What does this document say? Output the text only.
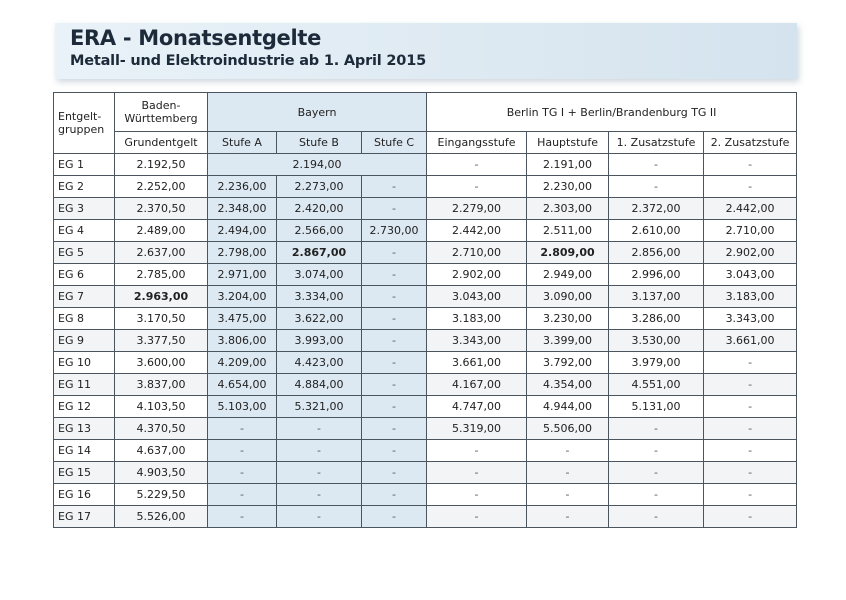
ERA - Monatsentgelte
Metall- und Elektroindustrie ab 1. April 2015
Entgelt-
gruppen	Baden-
Württemberg	Bayern			Berlin TG I + Berlin/Brandenburg TG II			
	Grundentgelt	Stufe A	Stufe B	Stufe C	Eingangsstufe	Hauptstufe	1. Zusatzstufe	2. Zusatzstufe
EG 1	2.192,50	2.194,00			-	2.191,00	-	-
EG 2	2.252,00	2.236,00	2.273,00	-	-	2.230,00	-	-
EG 3	2.370,50	2.348,00	2.420,00	-	2.279,00	2.303,00	2.372,00	2.442,00
EG 4	2.489,00	2.494,00	2.566,00	2.730,00	2.442,00	2.511,00	2.610,00	2.710,00
EG 5	2.637,00	2.798,00	2.867,00	-	2.710,00	2.809,00	2.856,00	2.902,00
EG 6	2.785,00	2.971,00	3.074,00	-	2.902,00	2.949,00	2.996,00	3.043,00
EG 7	2.963,00	3.204,00	3.334,00	-	3.043,00	3.090,00	3.137,00	3.183,00
EG 8	3.170,50	3.475,00	3.622,00	-	3.183,00	3.230,00	3.286,00	3.343,00
EG 9	3.377,50	3.806,00	3.993,00	-	3.343,00	3.399,00	3.530,00	3.661,00
EG 10	3.600,00	4.209,00	4.423,00	-	3.661,00	3.792,00	3.979,00	-
EG 11	3.837,00	4.654,00	4.884,00	-	4.167,00	4.354,00	4.551,00	-
EG 12	4.103,50	5.103,00	5.321,00	-	4.747,00	4.944,00	5.131,00	-
EG 13	4.370,50	-	-	-	5.319,00	5.506,00	-	-
EG 14	4.637,00	-	-	-	-	-	-	-
EG 15	4.903,50	-	-	-	-	-	-	-
EG 16	5.229,50	-	-	-	-	-	-	-
EG 17	5.526,00	-	-	-	-	-	-	-
